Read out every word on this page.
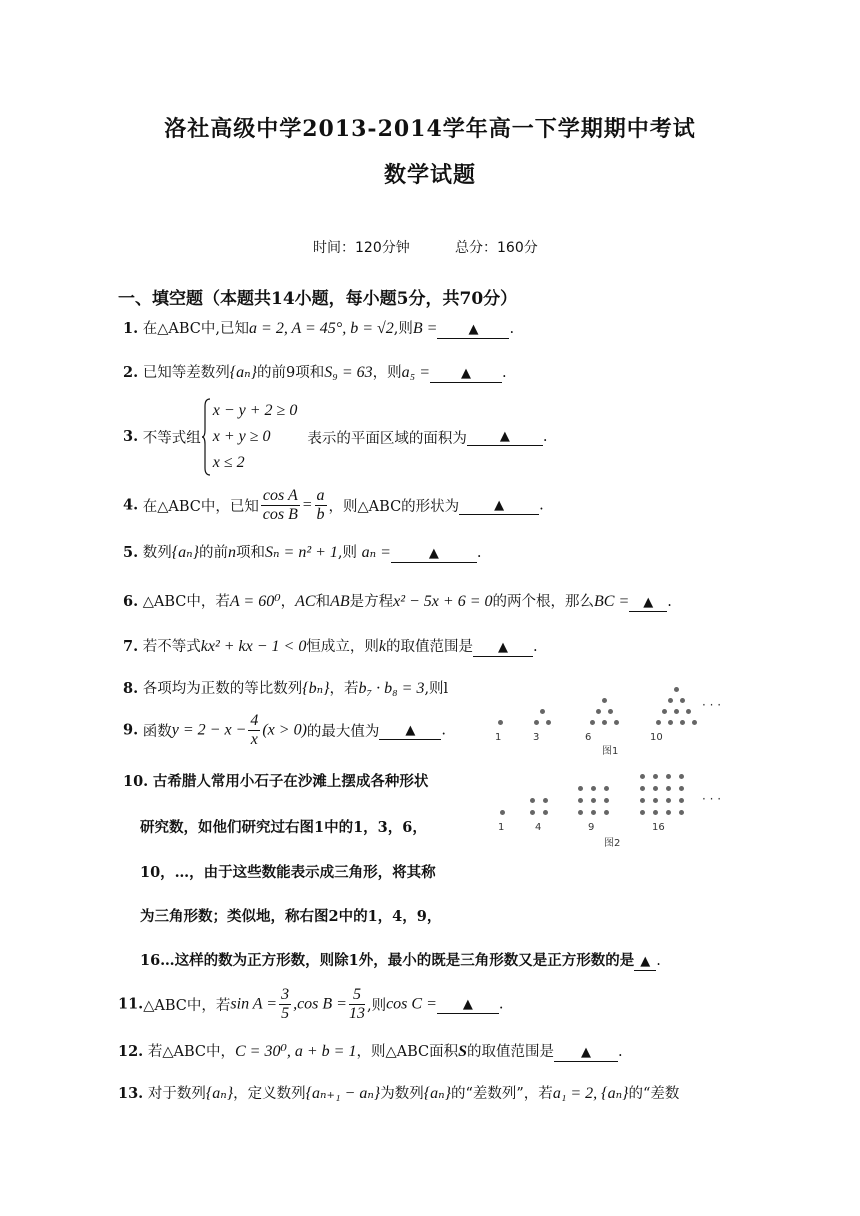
洛社高级中学2013-2014学年高一下学期期中考试
数学试题
时间：120分钟	总分：160分
一、填空题（本题共14小题，每小题5分，共70分）
1. 在△ABC中,已知a = 2, A = 45°, b = √2,则B = ▲ .
2. 已知等差数列{aₙ}的前9项和S₉ = 63，则a₅ = ▲ .
3. 不等式组
x − y + 2 ≥ 0
x + y ≥ 0
x ≤ 2
表示的平面区域的面积为	▲ .
4. 在△ABC中，已知 $\frac{\text{cos A}}{\text{cos B}} = \frac{a}{b}$ ，则△ABC的形状为	▲ .
5. 数列{aₙ}的前n项和Sₙ = n² + 1,则 aₙ =	▲	.
6. △ABC中，若A = 60⁰，AC和AB是方程x² − 5x + 6 = 0的两个根，那么BC = ▲ .
7. 若不等式kx² + kx − 1 < 0恒成立，则k的取值范围是 ▲ .
8. 各项均为正数的等比数列{bₙ}，若b₇ · b₈ = 3,则l
9. 函数$y = 2 - x - \frac{4}{x} (x > 0)$的最大值为 ▲ .
10. 古希腊人常用小石子在沙滩上摆成各种形状
研究数，如他们研究过右图1中的1，3，6，
10，…，由于这些数能表示成三角形，将其称
为三角形数；类似地，称右图2中的1，4，9，
16…这样的数为正方形数，则除1外，最小的既是三角形数又是正方形数的是 ▲ .
1	3	6	10
· · ·
图1
1	4	9	16
· · ·
图2
11.△ABC中，若$\sin A = \frac{3}{5} ,\cos$ $B = \frac{5}{13}$ ,则cos C = ▲ .
12. 若△ABC中，C = 30⁰, a + b = 1，则△ABC面积S的取值范围是 ▲ .
13. 对于数列{aₙ}，定义数列{aₙ₊₁ − aₙ}为数列{aₙ}的“差数列”，若a₁ = 2, {aₙ}的“差数
